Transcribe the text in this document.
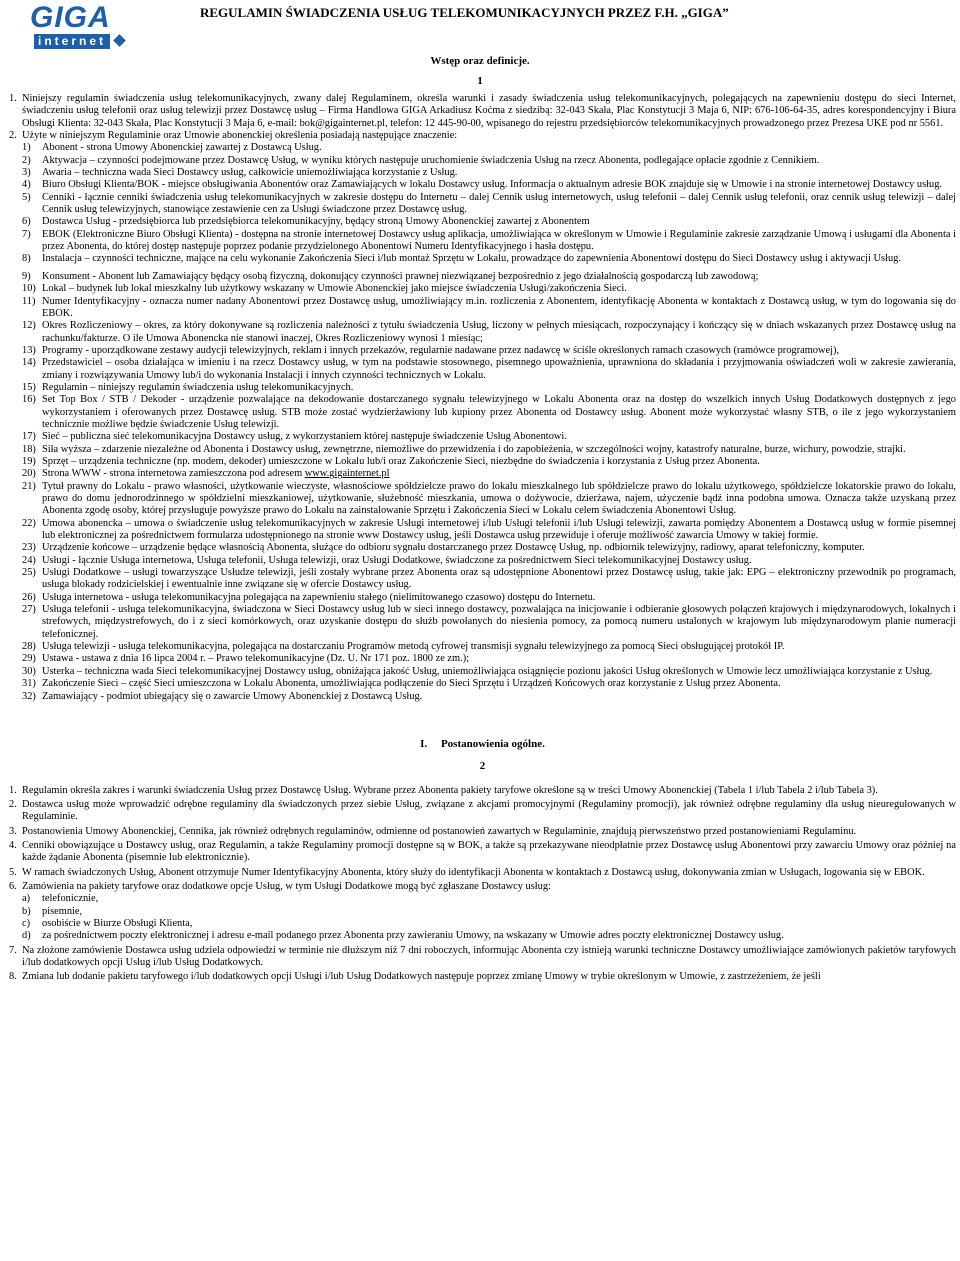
GIGA
internet
REGULAMIN ŚWIADCZENIA USŁUG TELEKOMUNIKACYJNYCH PRZEZ F.H. „GIGA”
Wstęp oraz definicje.
1
1. Niniejszy regulamin świadczenia usług telekomunikacyjnych, zwany dalej Regulaminem, określa warunki i zasady świadczenia usług telekomunikacyjnych, polegających na zapewnieniu dostępu do sieci Internet, świadczeniu usług telefonii oraz usług telewizji przez Dostawcę usług – Firma Handlowa GIGA Arkadiusz Koćma z siedzibą: 32-043 Skała, Plac Konstytucji 3 Maja 6, NIP: 676-106-64-35, adres korespondencyjny i Biura Obsługi Klienta: 32-043 Skała, Plac Konstytucji 3 Maja 6, e-mail: bok@gigainternet.pl, telefon: 12 445-90-00, wpisanego do rejestru przedsiębiorców telekomunikacyjnych prowadzonego przez Prezesa UKE pod nr 5561.
2. Użyte w niniejszym Regulaminie oraz Umowie abonenckiej określenia posiadają następujące znaczenie:
1) Abonent - strona Umowy Abonenckiej zawartej z Dostawcą Usług.
2) Aktywacja – czynności podejmowane przez Dostawcę Usług, w wyniku których następuje uruchomienie świadczenia Usług na rzecz Abonenta, podlegające opłacie zgodnie z Cennikiem.
3) Awaria – techniczna wada Sieci Dostawcy usług, całkowicie uniemożliwiająca korzystanie z Usług.
4) Biuro Obsługi Klienta/BOK - miejsce obsługiwania Abonentów oraz Zamawiających w lokalu Dostawcy usług. Informacja o aktualnym adresie BOK znajduje się w Umowie i na stronie internetowej Dostawcy usług.
5) Cenniki - łącznie cenniki świadczenia usług telekomunikacyjnych w zakresie dostępu do Internetu – dalej Cennik usług internetowych, usług telefonii – dalej Cennik usług telefonii, oraz cennik usług telewizji – dalej Cennik usług telewizyjnych, stanowiące zestawienie cen za Usługi świadczone przez Dostawcę usług.
6) Dostawca Usług - przedsiębiorca lub przedsiębiorca telekomunikacyjny, będący stroną Umowy Abonenckiej zawartej z Abonentem
7) EBOK (Elektroniczne Biuro Obsługi Klienta) - dostępna na stronie internetowej Dostawcy usług aplikacja, umożliwiająca w określonym w Umowie i Regulaminie zakresie zarządzanie Umową i usługami dla Abonenta i przez Abonenta, do której dostęp następuje poprzez podanie przydzielonego Abonentowi Numeru Identyfikacyjnego i hasła dostępu.
8) Instalacja – czynności techniczne, mające na celu wykonanie Zakończenia Sieci i/lub montaż Sprzętu w Lokalu, prowadzące do zapewnienia Abonentowi dostępu do Sieci Dostawcy usług i aktywacji Usług.
9) Konsument - Abonent lub Zamawiający będący osobą fizyczną, dokonujący czynności prawnej niezwiązanej bezpośrednio z jego działalnością gospodarczą lub zawodową;
10) Lokal – budynek lub lokal mieszkalny lub użytkowy wskazany w Umowie Abonenckiej jako miejsce świadczenia Usługi/zakończenia Sieci.
11) Numer Identyfikacyjny - oznacza numer nadany Abonentowi przez Dostawcę usług, umożliwiający m.in. rozliczenia z Abonentem, identyfikację Abonenta w kontaktach z Dostawcą usług, w tym do logowania się do EBOK.
12) Okres Rozliczeniowy – okres, za który dokonywane są rozliczenia należności z tytułu świadczenia Usług, liczony w pełnych miesiącach, rozpoczynający i kończący się w dniach wskazanych przez Dostawcę usług na rachunku/fakturze. O ile Umowa Abonencka nie stanowi inaczej, Okres Rozliczeniowy wynosi 1 miesiąc;
13) Programy - uporządkowane zestawy audycji telewizyjnych, reklam i innych przekazów, regularnie nadawane przez nadawcę w ściśle określonych ramach czasowych (ramówce programowej),
14) Przedstawiciel – osoba działająca w imieniu i na rzecz Dostawcy usług, w tym na podstawie stosownego, pisemnego upoważnienia, uprawniona do składania i przyjmowania oświadczeń woli w zakresie zawierania, zmiany i rozwiązywania Umowy lub/i do wykonania Instalacji i innych czynności technicznych w Lokalu.
15) Regulamin – niniejszy regulamin świadczenia usług telekomunikacyjnych.
16) Set Top Box / STB / Dekoder - urządzenie pozwalające na dekodowanie dostarczanego sygnału telewizyjnego w Lokalu Abonenta oraz na dostęp do wszelkich innych Usług Dodatkowych dostępnych z jego wykorzystaniem i oferowanych przez Dostawcę usług. STB może zostać wydzierżawiony lub kupiony przez Abonenta od Dostawcy usług. Abonent może wykorzystać własny STB, o ile z jego wykorzystaniem technicznie możliwe będzie świadczenie Usług telewizji.
17) Sieć – publiczna sieć telekomunikacyjna Dostawcy usług, z wykorzystaniem której następuje świadczenie Usług Abonentowi.
18) Siła wyższa – zdarzenie niezależne od Abonenta i Dostawcy usług, zewnętrzne, niemożliwe do przewidzenia i do zapobieżenia, w szczególności wojny, katastrofy naturalne, burze, wichury, powodzie, strajki.
19) Sprzęt – urządzenia techniczne (np. modem, dekoder) umieszczone w Lokalu lub/i oraz Zakończenie Sieci, niezbędne do świadczenia i korzystania z Usług przez Abonenta.
20) Strona WWW - strona internetowa zamieszczona pod adresem www.gigainternet.pl
21) Tytuł prawny do Lokalu - prawo własności, użytkowanie wieczyste, własnościowe spółdzielcze prawo do lokalu mieszkalnego lub spółdzielcze prawo do lokalu użytkowego, spółdzielcze lokatorskie prawo do lokalu, prawo do domu jednorodzinnego w spółdzielni mieszkaniowej, użytkowanie, służebność mieszkania, umowa o dożywocie, dzierżawa, najem, użyczenie bądź inna podobna umowa. Oznacza także uzyskaną przez Abonenta zgodę osoby, której przysługuje powyższe prawo do Lokalu na zainstalowanie Sprzętu i Zakończenia Sieci w Lokalu celem świadczenia Abonentowi Usług.
22) Umowa abonencka – umowa o świadczenie usług telekomunikacyjnych w zakresie Usługi internetowej i/lub Usługi telefonii i/lub Usługi telewizji, zawarta pomiędzy Abonentem a Dostawcą usług w formie pisemnej lub elektronicznej za pośrednictwem formularza udostępnionego na stronie www Dostawcy usług, jeśli Dostawca usług przewiduje i oferuje możliwość zawarcia Umowy w takiej formie.
23) Urządzenie końcowe – urządzenie będące własnością Abonenta, służące do odbioru sygnału dostarczanego przez Dostawcę Usług, np. odbiornik telewizyjny, radiowy, aparat telefoniczny, komputer.
24) Usługi - łącznie Usługa internetowa, Usługa telefonii, Usługa telewizji, oraz Usługi Dodatkowe, świadczone za pośrednictwem Sieci telekomunikacyjnej Dostawcy usług.
25) Usługi Dodatkowe – usługi towarzyszące Usłudze telewizji, jeśli zostały wybrane przez Abonenta oraz są udostępnione Abonentowi przez Dostawcę usług, takie jak: EPG – elektroniczny przewodnik po programach, usługa blokady rodzicielskiej i ewentualnie inne związane się w ofercie Dostawcy usług.
26) Usługa internetowa - usługa telekomunikacyjna polegająca na zapewnieniu stałego (nielimitowanego czasowo) dostępu do Internetu.
27) Usługa telefonii - usługa telekomunikacyjna, świadczona w Sieci Dostawcy usług lub w sieci innego dostawcy, pozwalająca na inicjowanie i odbieranie głosowych połączeń krajowych i międzynarodowych, lokalnych i strefowych, międzystrefowych, do i z sieci komórkowych, oraz uzyskanie dostępu do służb powołanych do niesienia pomocy, za pomocą numeru ustalonych w krajowym lub międzynarodowym planie numeracji telefonicznej.
28) Usługa telewizji - usługa telekomunikacyjna, polegająca na dostarczaniu Programów metodą cyfrowej transmisji sygnału telewizyjnego za pomocą Sieci obsługującej protokół IP.
29) Ustawa - ustawa z dnia 16 lipca 2004 r. – Prawo telekomunikacyjne (Dz. U. Nr 171 poz. 1800 ze zm.);
30) Usterka – techniczna wada Sieci telekomunikacyjnej Dostawcy usług, obniżająca jakość Usług, uniemożliwiająca osiągnięcie pozionu jakości Usług określonych w Umowie lecz umożliwiająca korzystanie z Usług.
31) Zakończenie Sieci – część Sieci umieszczona w Lokalu Abonenta, umożliwiająca podłączenie do Sieci Sprzętu i Urządzeń Końcowych oraz korzystanie z Usług przez Abonenta.
32) Zamawiający - podmiot ubiegający się o zawarcie Umowy Abonenckiej z Dostawcą Usług.
I. Postanowienia ogólne.
2
1. Regulamin określa zakres i warunki świadczenia Usług przez Dostawcę Usług. Wybrane przez Abonenta pakiety taryfowe określone są w treści Umowy Abonenckiej (Tabela 1 i/lub Tabela 2 i/lub Tabela 3).
2. Dostawca usług może wprowadzić odrębne regulaminy dla świadczonych przez siebie Usług, związane z akcjami promocyjnymi (Regulaminy promocji), jak również odrębne regulaminy dla usług nieuregulowanych w Regulaminie.
3. Postanowienia Umowy Abonenckiej, Cennika, jak również odrębnych regulaminów, odmienne od postanowień zawartych w Regulaminie, znajdują pierwszeństwo przed postanowieniami Regulaminu.
4. Cenniki obowiązujące u Dostawcy usług, oraz Regulamin, a także Regulaminy promocji dostępne są w BOK, a także są przekazywane nieodpłatnie przez Dostawcę usług Abonentowi przy zawarciu Umowy oraz później na każde żądanie Abonenta (pisemnie lub elektronicznie).
5. W ramach świadczonych Usług, Abonent otrzymuje Numer Identyfikacyjny Abonenta, który służy do identyfikacji Abonenta w kontaktach z Dostawcą usług, dokonywania zmian w Usługach, logowania się w EBOK.
6. Zamówienia na pakiety taryfowe oraz dodatkowe opcje Usług, w tym Usługi Dodatkowe mogą być zgłaszane Dostawcy usług:
a) telefonicznie,
b) pisemnie,
c) osobiście w Biurze Obsługi Klienta,
d) za pośrednictwem poczty elektronicznej i adresu e-mail podanego przez Abonenta przy zawieraniu Umowy, na wskazany w Umowie adres poczty elektronicznej Dostawcy usług.
7. Na złożone zamówienie Dostawca usług udziela odpowiedzi w terminie nie dłuższym niż 7 dni roboczych, informując Abonenta czy istnieją warunki techniczne Dostawcy umożliwiające zamówionych pakietów taryfowych i/lub dodatkowych opcji Usług i/lub Usług Dodatkowych.
8. Zmiana lub dodanie pakietu taryfowego i/lub dodatkowych opcji Usługi i/lub Usług Dodatkowych następuje poprzez zmianę Umowy w trybie określonym w Umowie, z zastrzeżeniem, że jeśli
